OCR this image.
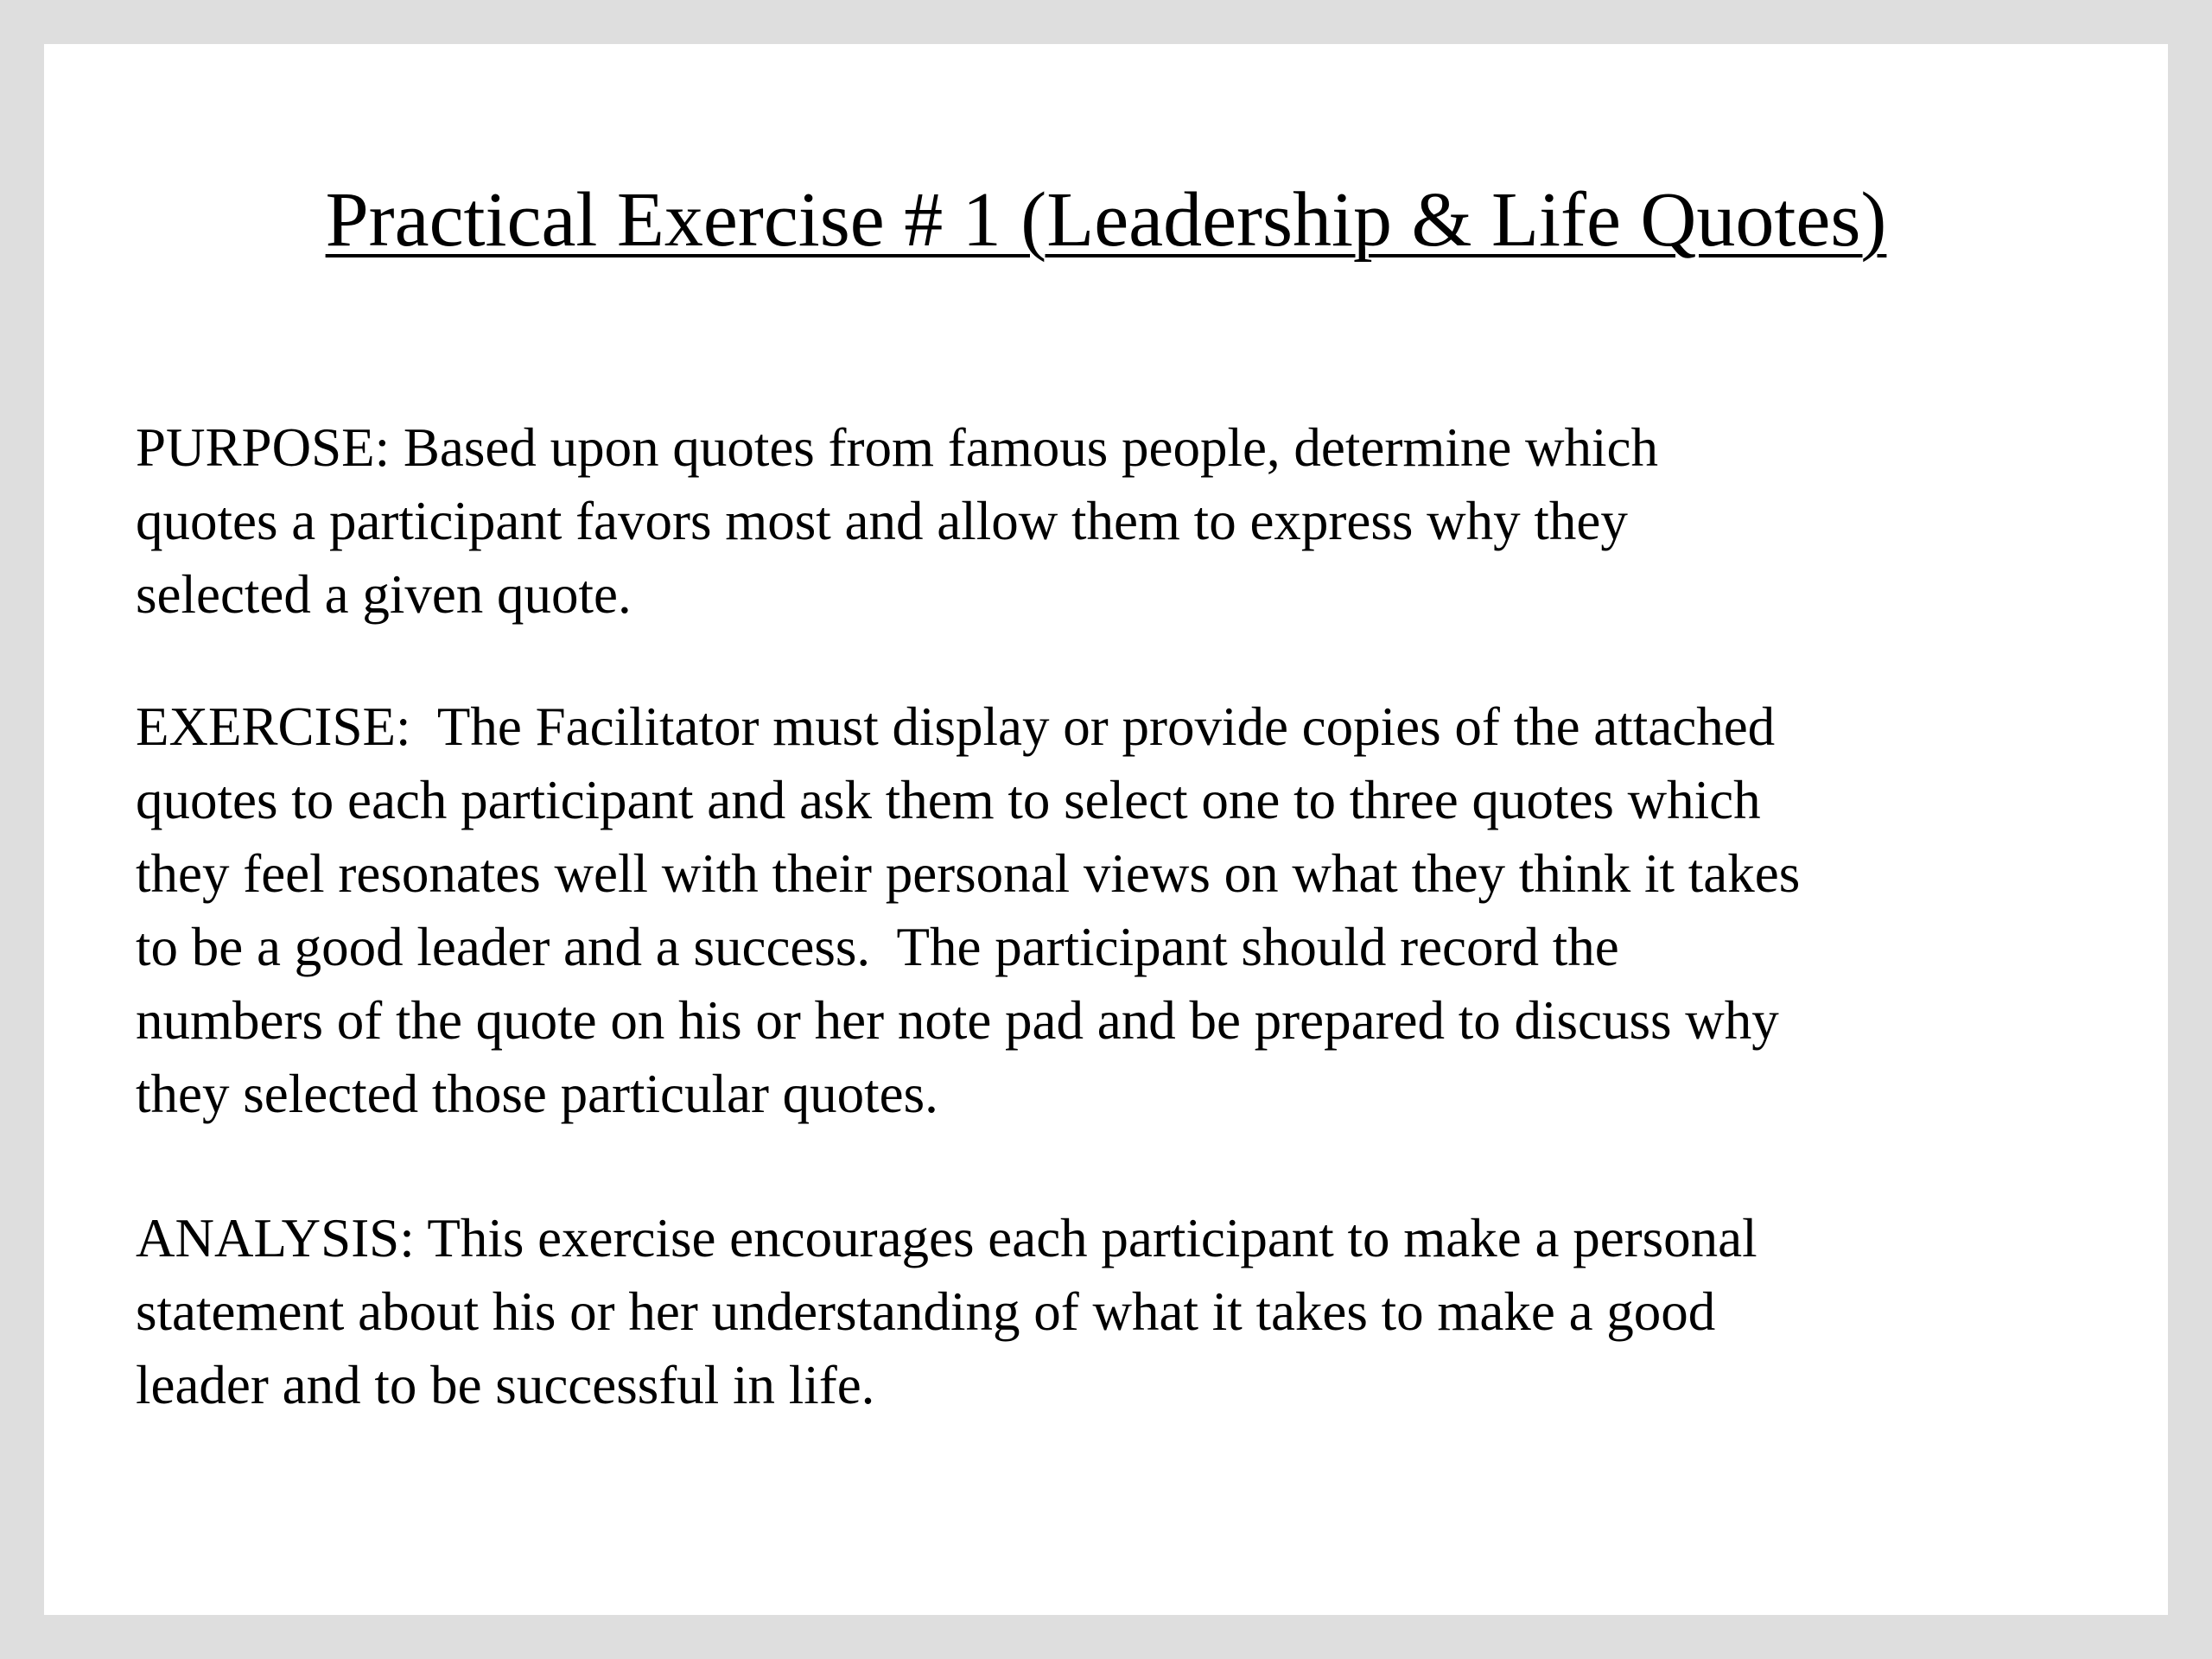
Practical Exercise # 1 (Leadership & Life Quotes)
PURPOSE: Based upon quotes from famous people, determine which
quotes a participant favors most and allow them to express why they
selected a given quote.
EXERCISE:  The Facilitator must display or provide copies of the attached
quotes to each participant and ask them to select one to three quotes which
they feel resonates well with their personal views on what they think it takes
to be a good leader and a success.  The participant should record the
numbers of the quote on his or her note pad and be prepared to discuss why
they selected those particular quotes.
ANALYSIS: This exercise encourages each participant to make a personal
statement about his or her understanding of what it takes to make a good
leader and to be successful in life.
